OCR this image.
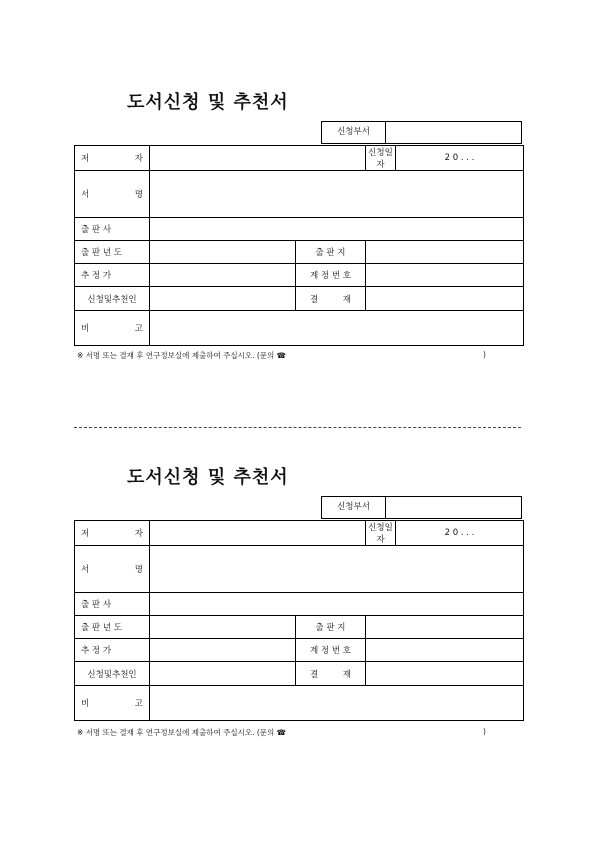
도서신청 및 추천서
신청부서
저 자			신청일자	2 0 . . .

서 명				

출 판 사				

출 판 년 도		출 판 지		

추 정 가		계 정 번 호		
신청및추천인		결 재		

비 고				

※ 서명 또는 결재 후 연구정보실에 제출하여 주십시오. (문의 ☎	)
도서신청 및 추천서
신청부서
저 자			신청일자	2 0 . . .

서 명				

출 판 사				

출 판 년 도		출 판 지		

추 정 가		계 정 번 호		
신청및추천인		결 재		

비 고				

※ 서명 또는 결재 후 연구정보실에 제출하여 주십시오. (문의 ☎	)
